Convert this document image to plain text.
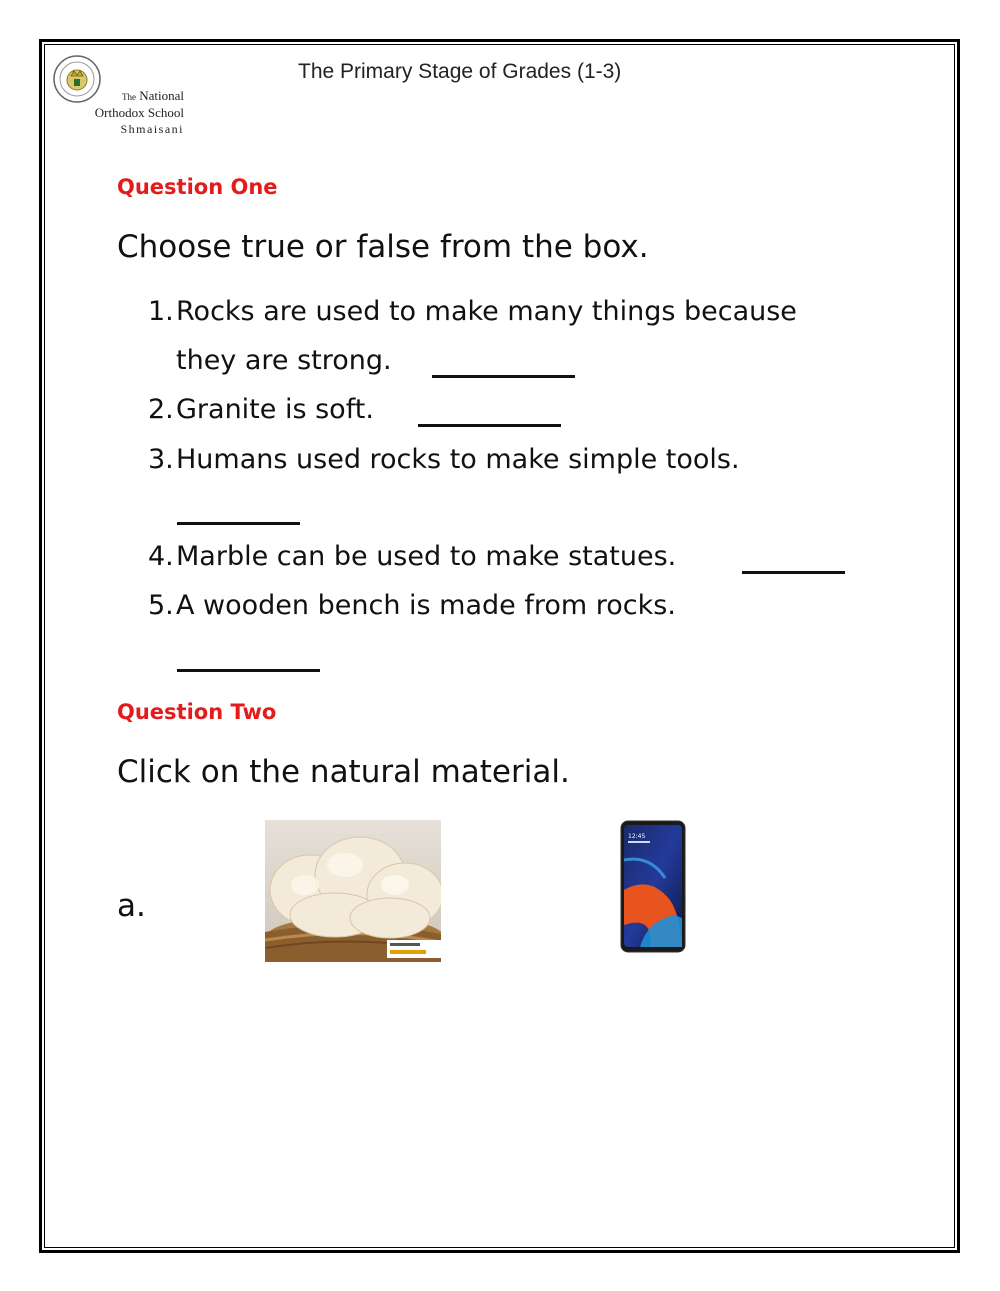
The National
Orthodox School
Shmaisani
The Primary Stage of Grades (1-3)
Question One
Choose true or false from the box.
1.Rocks are used to make many things because
they are strong.
2.Granite is soft.
3.Humans used rocks to make simple tools.
4.Marble can be used to make statues.
5.A wooden bench is made from rocks.
Question Two
Click on the natural material.
a.
12:45
